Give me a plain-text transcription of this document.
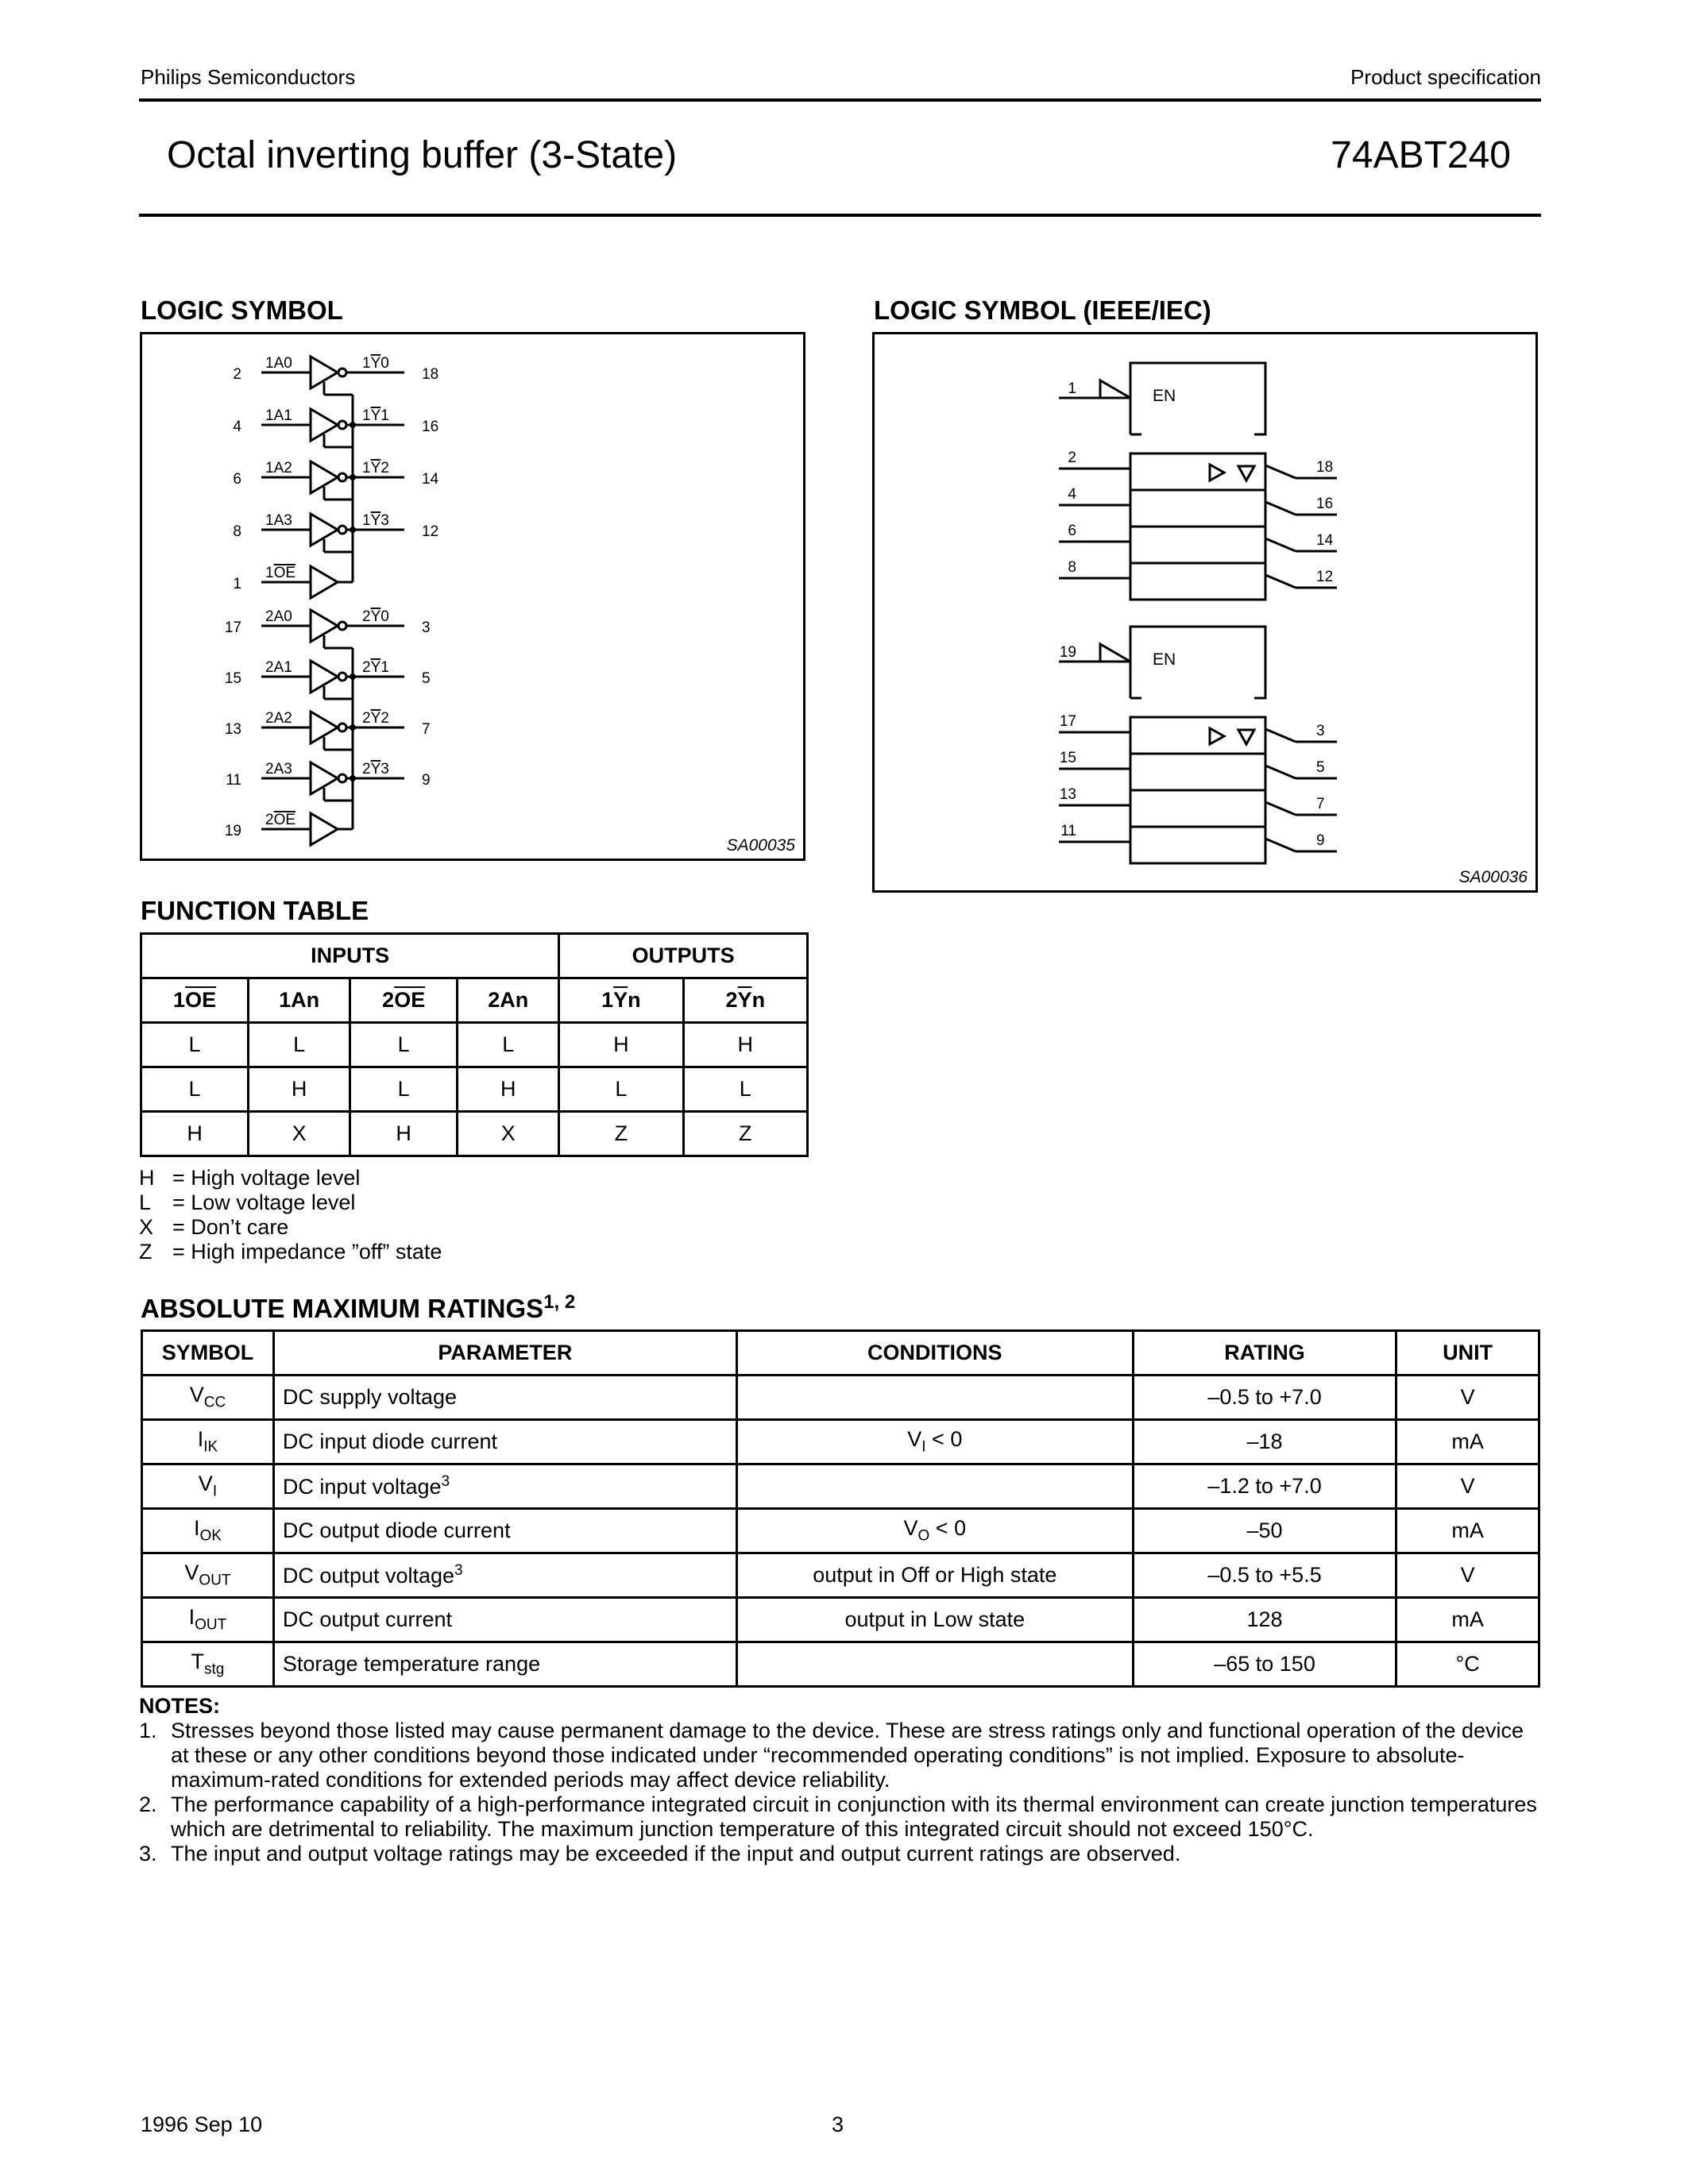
Philips Semiconductors	Product specification
Octal inverting buffer (3-State)	74ABT240
LOGIC SYMBOL
2
1A0	1Y0
18
4
1A1	1Y1
16
6
1A2	1Y2
14
8
1A3	1Y3
12
1
1OE
17
2A0	2Y0
3
15
2A1	2Y1
5
13
2A2	2Y2
7
11
2A3	2Y3
9
19
2OE
SA00035
LOGIC SYMBOL (IEEE/IEC)
EN
1
2
4
6
8
18
16
14
12
EN
19
17
15
13
11
3
5
7
9
SA00036
FUNCTION TABLE
INPUTS				OUTPUTS	
$1\overline{OE}$	1An	$2\overline{OE}$	2An	$1\overline{Y}n$	$2\overline{Y}n$
L	L	L	L	H	H
L	H	L	H	L	L
H	X	H	X	Z	Z
H = High voltage level
L = Low voltage level
X = Don’t care
Z = High impedance ”off” state
ABSOLUTE MAXIMUM RATINGS$^{1, 2}$
SYMBOL	PARAMETER	CONDITIONS	RATING	UNIT
$V_{CC}$	DC supply voltage		–0.5 to +7.0	V
$I_{IK}$	DC input diode current	$V_I < 0$	–18	mA
$V_I$	DC input voltage$^3$		–1.2 to +7.0	V
$I_{OK}$	DC output diode current	$V_O < 0$	–50	mA
$V_{OUT}$	DC output voltage$^3$	output in Off or High state	–0.5 to +5.5	V
$I_{OUT}$	DC output current	output in Low state	128	mA
$T_{stg}$	Storage temperature range		–65 to 150	°C
NOTES:
1. Stresses beyond those listed may cause permanent damage to the device. These are stress ratings only and functional operation of the device at these or any other conditions beyond those indicated under “recommended operating conditions” is not implied. Exposure to absolute-maximum-rated conditions for extended periods may affect device reliability.
2. The performance capability of a high-performance integrated circuit in conjunction with its thermal environment can create junction temperatures which are detrimental to reliability. The maximum junction temperature of this integrated circuit should not exceed 150°C.
3. The input and output voltage ratings may be exceeded if the input and output current ratings are observed.
1996 Sep 10	3
